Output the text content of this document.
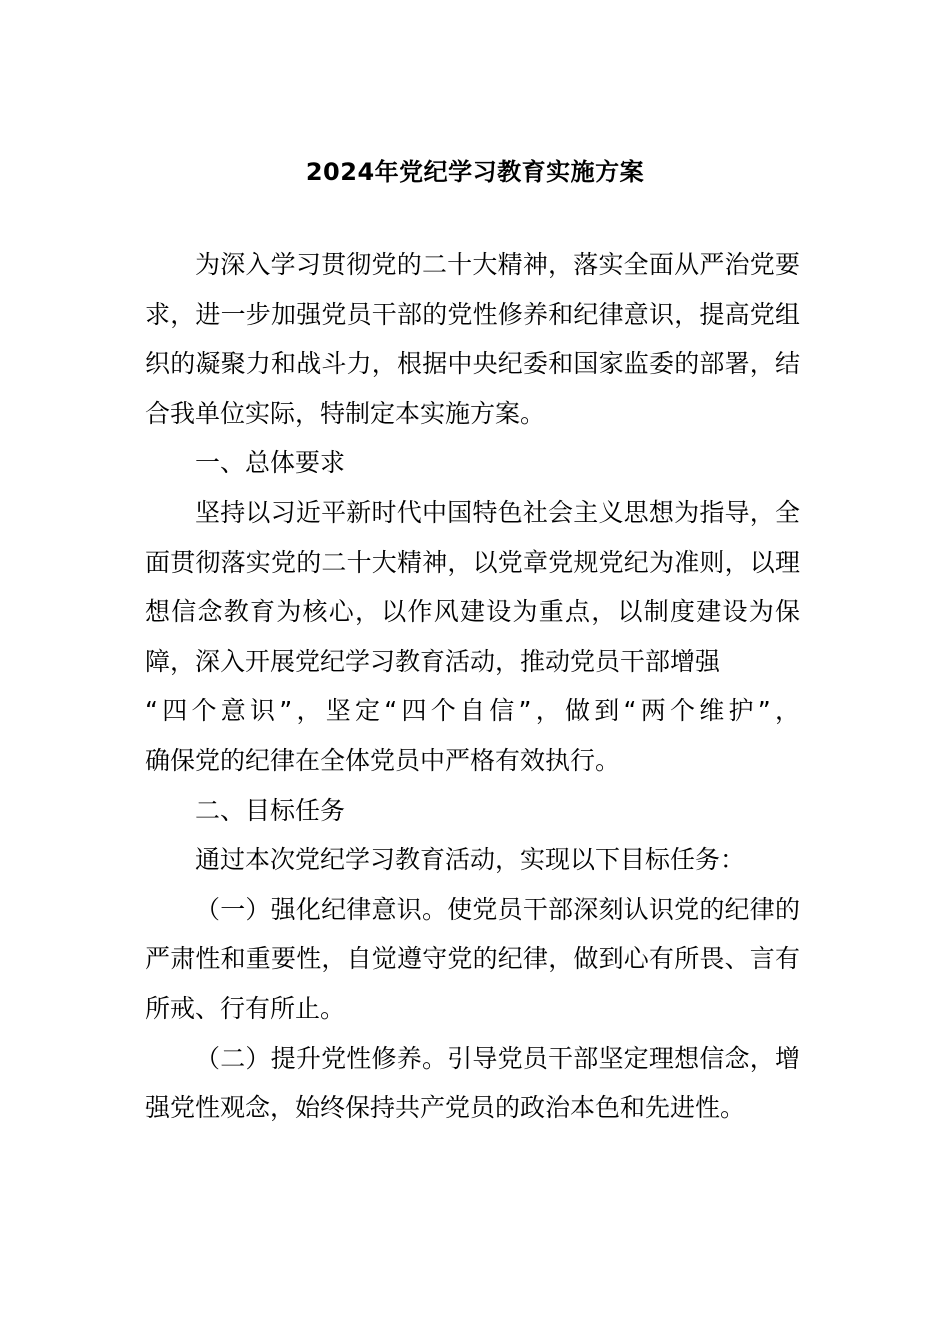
2024年党纪学习教育实施方案

为深入学习贯彻党的二十大精神，落实全面从严治党要求，进一步加强党员干部的党性修养和纪律意识，提高党组织的凝聚力和战斗力，根据中央纪委和国家监委的部署，结合我单位实际，特制定本实施方案。

一、总体要求

坚持以习近平新时代中国特色社会主义思想为指导，全面贯彻落实党的二十大精神，以党章党规党纪为准则，以理想信念教育为核心，以作风建设为重点，以制度建设为保障，深入开展党纪学习教育活动，推动党员干部增强

“四个意识”，坚定“四个自信”，做到“两个维护”，

确保党的纪律在全体党员中严格有效执行。

二、目标任务

通过本次党纪学习教育活动，实现以下目标任务：

（一）强化纪律意识。使党员干部深刻认识党的纪律的严肃性和重要性，自觉遵守党的纪律，做到心有所畏、言有所戒、行有所止。

（二）提升党性修养。引导党员干部坚定理想信念，增强党性观念，始终保持共产党员的政治本色和先进性。
